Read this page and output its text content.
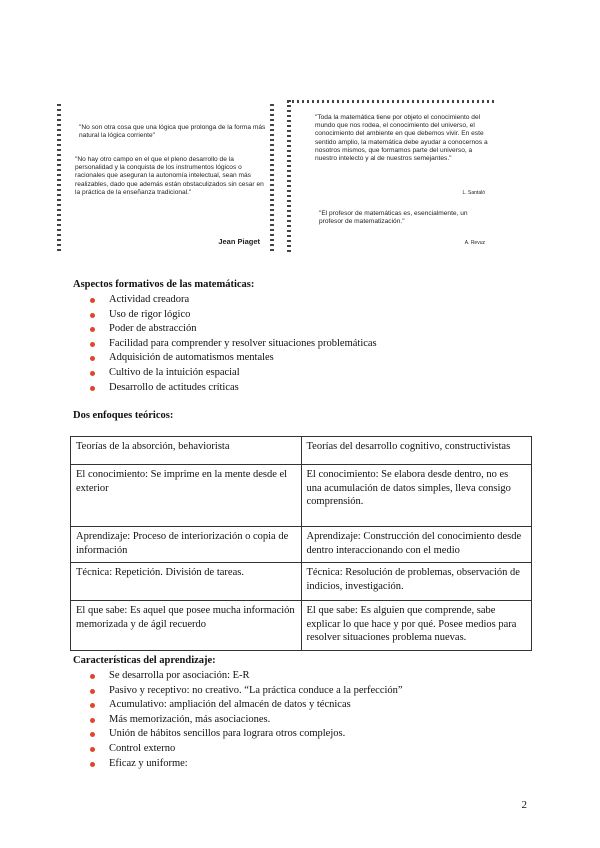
"No son otra cosa que una lógica que prolonga de la forma más natural la lógica corriente"
"No hay otro campo en el que el pleno desarrollo de la personalidad y la conquista de los instrumentos lógicos o racionales que aseguran la autonomía intelectual, sean más realizables, dado que además están obstaculizados sin cesar en la práctica de la enseñanza tradicional."
Jean Piaget
"Toda la matemática tiene por objeto el conocimiento del mundo que nos rodea, el conocimiento del universo, el conocimiento del ambiente en que debemos vivir. En este sentido amplio, la matemática debe ayudar a conocernos a nosotros mismos, que formamos parte del universo, a nuestro intelecto y al de nuestros semejantes."
L. Santaló
"El profesor de matemáticas es, esencialmente, un profesor de matematización."
A. Revuz
Aspectos formativos de las matemáticas:
Actividad creadora
Uso de rigor lógico
Poder de abstracción
Facilidad para comprender y resolver situaciones problemáticas
Adquisición de automatismos mentales
Cultivo de la intuición espacial
Desarrollo de actitudes críticas
Dos enfoques teóricos:
Teorías de la absorción, behaviorista	Teorías del desarrollo cognitivo, constructivistas
El conocimiento: Se imprime en la mente desde el exterior	El conocimiento: Se elabora desde dentro, no es una acumulación de datos simples, lleva consigo comprensión.
Aprendizaje: Proceso de interiorización o copia de información	Aprendizaje: Construcción del conocimiento desde dentro interaccionando con el medio
Técnica: Repetición. División de tareas.	Técnica: Resolución de problemas, observación de indicios, investigación.
El que sabe: Es aquel que posee mucha información memorizada y de ágil recuerdo	El que sabe: Es alguien que comprende, sabe explicar lo que hace y por qué. Posee medios para resolver situaciones problema nuevas.
Características del aprendizaje:
Se desarrolla por asociación: E-R
Pasivo y receptivo: no creativo. “La práctica conduce a la perfección”
Acumulativo: ampliación del almacén de datos y técnicas
Más memorización, más asociaciones.
Unión de hábitos sencillos para lograra otros complejos.
Control externo
Eficaz y uniforme:
2
